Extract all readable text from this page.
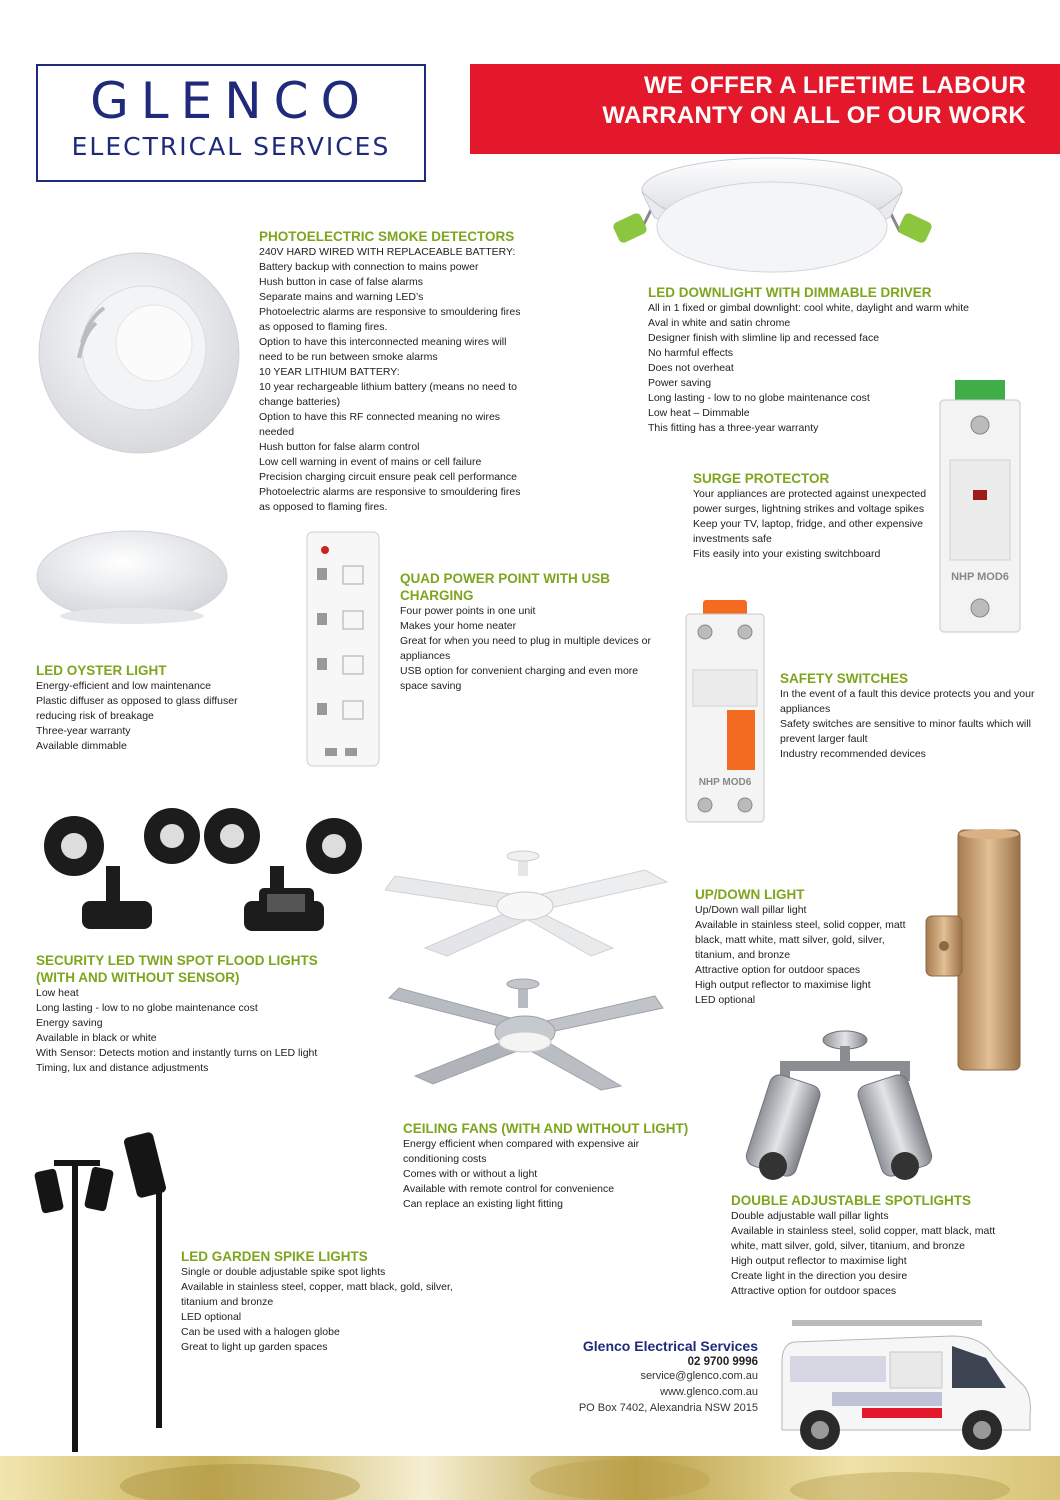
GLENCO
ELECTRICAL SERVICES
WE OFFER A LIFETIME LABOUR
WARRANTY ON ALL OF OUR WORK
PHOTOELECTRIC SMOKE DETECTORS
240V HARD WIRED WITH REPLACEABLE BATTERY:
Battery backup with connection to mains power
Hush button in case of false alarms
Separate mains and warning LED’s
Photoelectric alarms are responsive to smouldering fires
as opposed to flaming fires.
Option to have this interconnected meaning wires will
need to be run between smoke alarms
10 YEAR LITHIUM BATTERY:
10 year rechargeable lithium battery (means no need to
change batteries)
Option to have this RF connected meaning no wires
needed
Hush button for false alarm control
Low cell warning in event of mains or cell failure
Precision charging circuit ensure peak cell performance
Photoelectric alarms are responsive to smouldering fires
as opposed to flaming fires.
LED DOWNLIGHT WITH DIMMABLE DRIVER
All in 1 fixed or gimbal downlight: cool white, daylight and warm white
Aval in white and satin chrome
Designer finish with slimline lip and recessed face
No harmful effects
Does not overheat
Power saving
Long lasting - low to no globe maintenance cost
Low heat – Dimmable
This fitting has a three-year warranty
NHP MOD6
SURGE PROTECTOR
Your appliances are protected against unexpected
power surges, lightning strikes and voltage spikes
Keep your TV, laptop, fridge, and other expensive
investments safe
Fits easily into your existing switchboard
QUAD POWER POINT WITH USB
CHARGING
Four power points in one unit
Makes your home neater
Great for when you need to plug in multiple devices or
appliances
USB option for convenient charging and even more
space saving
LED OYSTER LIGHT
Energy-efficient and low maintenance
Plastic diffuser as opposed to glass diffuser
reducing risk of breakage
Three-year warranty
Available dimmable
NHP MOD6
SAFETY SWITCHES
In the event of a fault this device protects you and your
appliances
Safety switches are sensitive to minor faults which will
prevent larger fault
Industry recommended devices
SECURITY LED TWIN SPOT FLOOD LIGHTS
(WITH AND WITHOUT SENSOR)
Low heat
Long lasting - low to no globe maintenance cost
Energy saving
Available in black or white
With Sensor: Detects motion and instantly turns on LED light
Timing, lux and distance adjustments
UP/DOWN LIGHT
Up/Down wall pillar light
Available in stainless steel, solid copper, matt
black, matt white, matt silver, gold, silver,
titanium, and bronze
Attractive option for outdoor spaces
High output reflector to maximise light
LED optional
CEILING FANS (WITH AND WITHOUT LIGHT)
Energy efficient when compared with expensive air
conditioning costs
Comes with or without a light
Available with remote control for convenience
Can replace an existing light fitting	DOUBLE ADJUSTABLE SPOTLIGHTS
Double adjustable wall pillar lights
Available in stainless steel, solid copper, matt black, matt
white, matt silver, gold, silver, titanium, and bronze
High output reflector to maximise light
Create light in the direction you desire
Attractive option for outdoor spaces
LED GARDEN SPIKE LIGHTS
Single or double adjustable spike spot lights
Available in stainless steel, copper, matt black, gold, silver,
titanium and bronze
LED optional
Can be used with a halogen globe
Great to light up garden spaces	Glenco Electrical Services
02 9700 9996
service@glenco.com.au
www.glenco.com.au
PO Box 7402, Alexandria NSW 2015
